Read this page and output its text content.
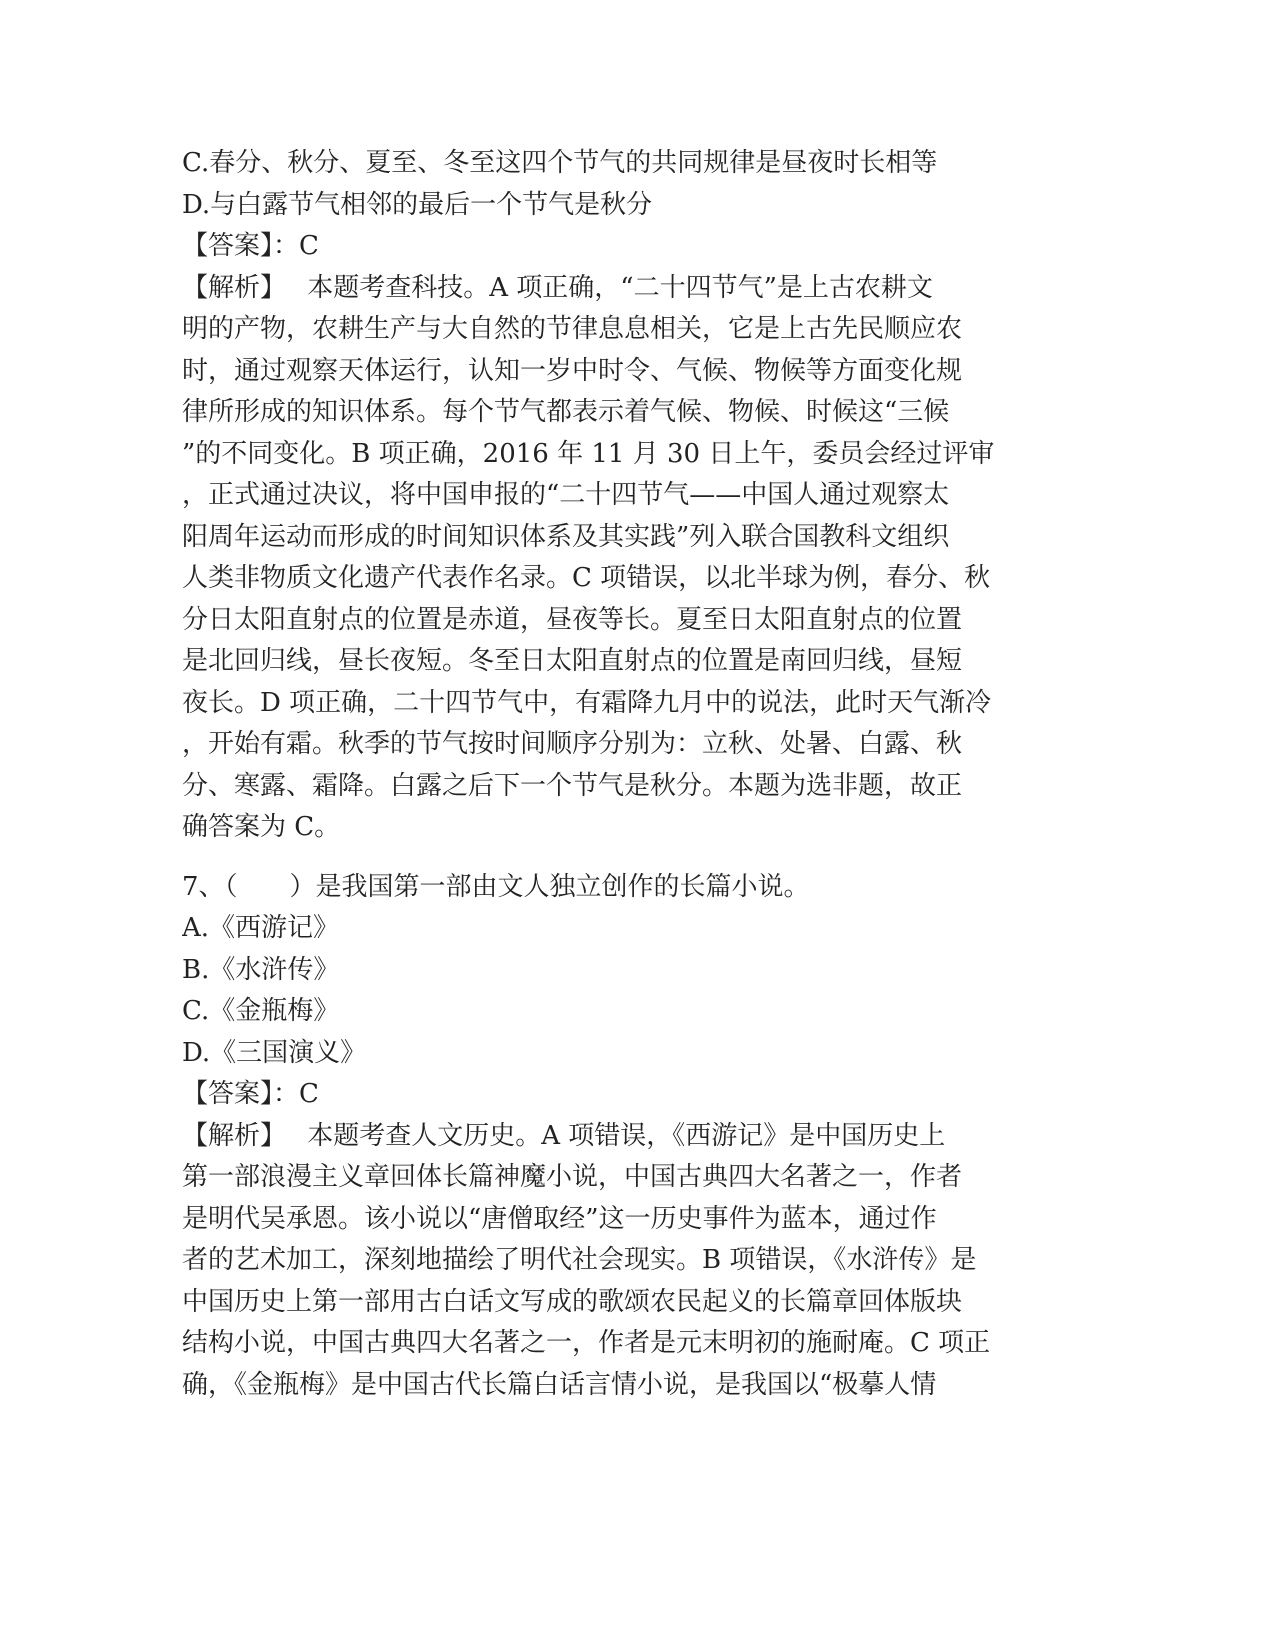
C.春分、秋分、夏至、冬至这四个节气的共同规律是昼夜时长相等
D.与白露节气相邻的最后一个节气是秋分
【答案】：C
【解析】　 本题考查科技。A 项正确，“二十四节气”是上古农耕文
明的产物，农耕生产与大自然的节律息息相关，它是上古先民顺应农
时，通过观察天体运行，认知一岁中时令、气候、物候等方面变化规
律所形成的知识体系。每个节气都表示着气候、物候、时候这“三候
”的不同变化。B 项正确，2016 年 11 月 30 日上午，委员会经过评审
，正式通过决议，将中国申报的“二十四节气——中国人通过观察太
阳周年运动而形成的时间知识体系及其实践”列入联合国教科文组织
人类非物质文化遗产代表作名录。C 项错误，以北半球为例，春分、秋
分日太阳直射点的位置是赤道，昼夜等长。夏至日太阳直射点的位置
是北回归线，昼长夜短。冬至日太阳直射点的位置是南回归线，昼短
夜长。D 项正确，二十四节气中，有霜降九月中的说法，此时天气渐冷
，开始有霜。秋季的节气按时间顺序分别为：立秋、处暑、白露、秋
分、寒露、霜降。白露之后下一个节气是秋分。本题为选非题，故正
确答案为 C。
7、（　　）是我国第一部由文人独立创作的长篇小说。
A.《西游记》
B.《水浒传》
C.《金瓶梅》
D.《三国演义》
【答案】：C
【解析】　 本题考查人文历史。A 项错误，《西游记》是中国历史上
第一部浪漫主义章回体长篇神魔小说，中国古典四大名著之一，作者
是明代吴承恩。该小说以“唐僧取经”这一历史事件为蓝本，通过作
者的艺术加工，深刻地描绘了明代社会现实。B 项错误，《水浒传》是
中国历史上第一部用古白话文写成的歌颂农民起义的长篇章回体版块
结构小说，中国古典四大名著之一，作者是元末明初的施耐庵。C 项正
确，《金瓶梅》是中国古代长篇白话言情小说，是我国以“极摹人情
